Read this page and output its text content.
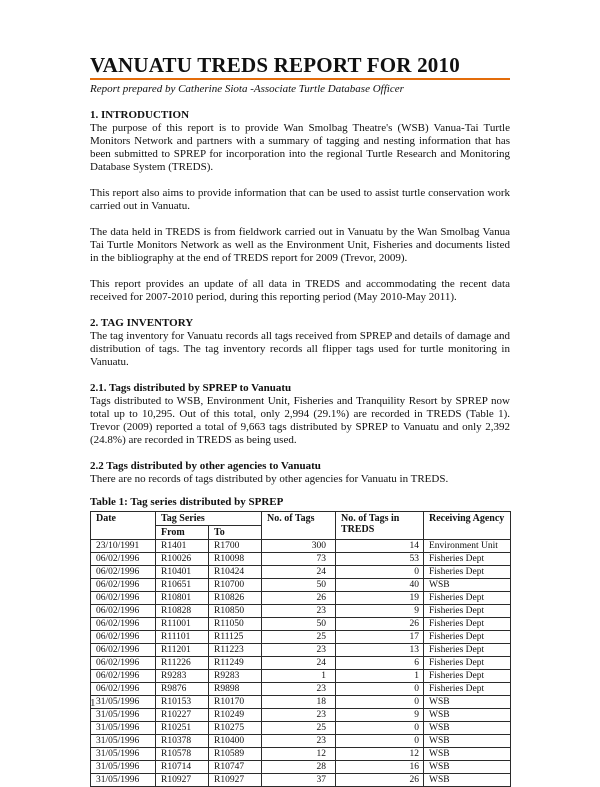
VANUATU TREDS REPORT FOR 2010

Report prepared by Catherine Siota -Associate Turtle Database Officer

1. INTRODUCTION

The purpose of this report is to provide Wan Smolbag Theatre's (WSB) Vanua-Tai Turtle Monitors Network and partners with a summary of tagging and nesting information that has been submitted to SPREP for incorporation into the regional Turtle Research and Monitoring Database System (TREDS).

This report also aims to provide information that can be used to assist turtle conservation work carried out in Vanuatu.

The data held in TREDS is from fieldwork carried out in Vanuatu by the Wan Smolbag Vanua Tai Turtle Monitors Network as well as the Environment Unit, Fisheries and documents listed in the bibliography at the end of TREDS report for 2009 (Trevor, 2009).

This report provides an update of all data in TREDS and accommodating the recent data received for 2007-2010 period, during this reporting period (May 2010-May 2011).

2. TAG INVENTORY

The tag inventory for Vanuatu records all tags received from SPREP and details of damage and distribution of tags. The tag inventory records all flipper tags used for turtle monitoring in Vanuatu.

2.1. Tags distributed by SPREP to Vanuatu

Tags distributed to WSB, Environment Unit, Fisheries and Tranquility Resort by SPREP now total up to 10,295. Out of this total, only 2,994 (29.1%) are recorded in TREDS (Table 1). Trevor (2009) reported a total of 9,663 tags distributed by SPREP to Vanuatu and only 2,392 (24.8%) are recorded in TREDS as being used.

2.2 Tags distributed by other agencies to Vanuatu

There are no records of tags distributed by other agencies for Vanuatu in TREDS.

Table 1: Tag series distributed by SPREP

Date	Tag Series		No. of Tags	No. of Tags in TREDS	Receiving Agency
	From	To			
23/10/1991	R1401	R1700	300	14	Environment Unit
06/02/1996	R10026	R10098	73	53	Fisheries Dept
06/02/1996	R10401	R10424	24	0	Fisheries Dept
06/02/1996	R10651	R10700	50	40	WSB
06/02/1996	R10801	R10826	26	19	Fisheries Dept
06/02/1996	R10828	R10850	23	9	Fisheries Dept
06/02/1996	R11001	R11050	50	26	Fisheries Dept
06/02/1996	R11101	R11125	25	17	Fisheries Dept
06/02/1996	R11201	R11223	23	13	Fisheries Dept
06/02/1996	R11226	R11249	24	6	Fisheries Dept
06/02/1996	R9283	R9283	1	1	Fisheries Dept
06/02/1996	R9876	R9898	23	0	Fisheries Dept
31/05/1996	R10153	R10170	18	0	WSB
31/05/1996	R10227	R10249	23	9	WSB
31/05/1996	R10251	R10275	25	0	WSB
31/05/1996	R10378	R10400	23	0	WSB
31/05/1996	R10578	R10589	12	12	WSB
31/05/1996	R10714	R10747	28	16	WSB
31/05/1996	R10927	R10927	37	26	WSB
1
